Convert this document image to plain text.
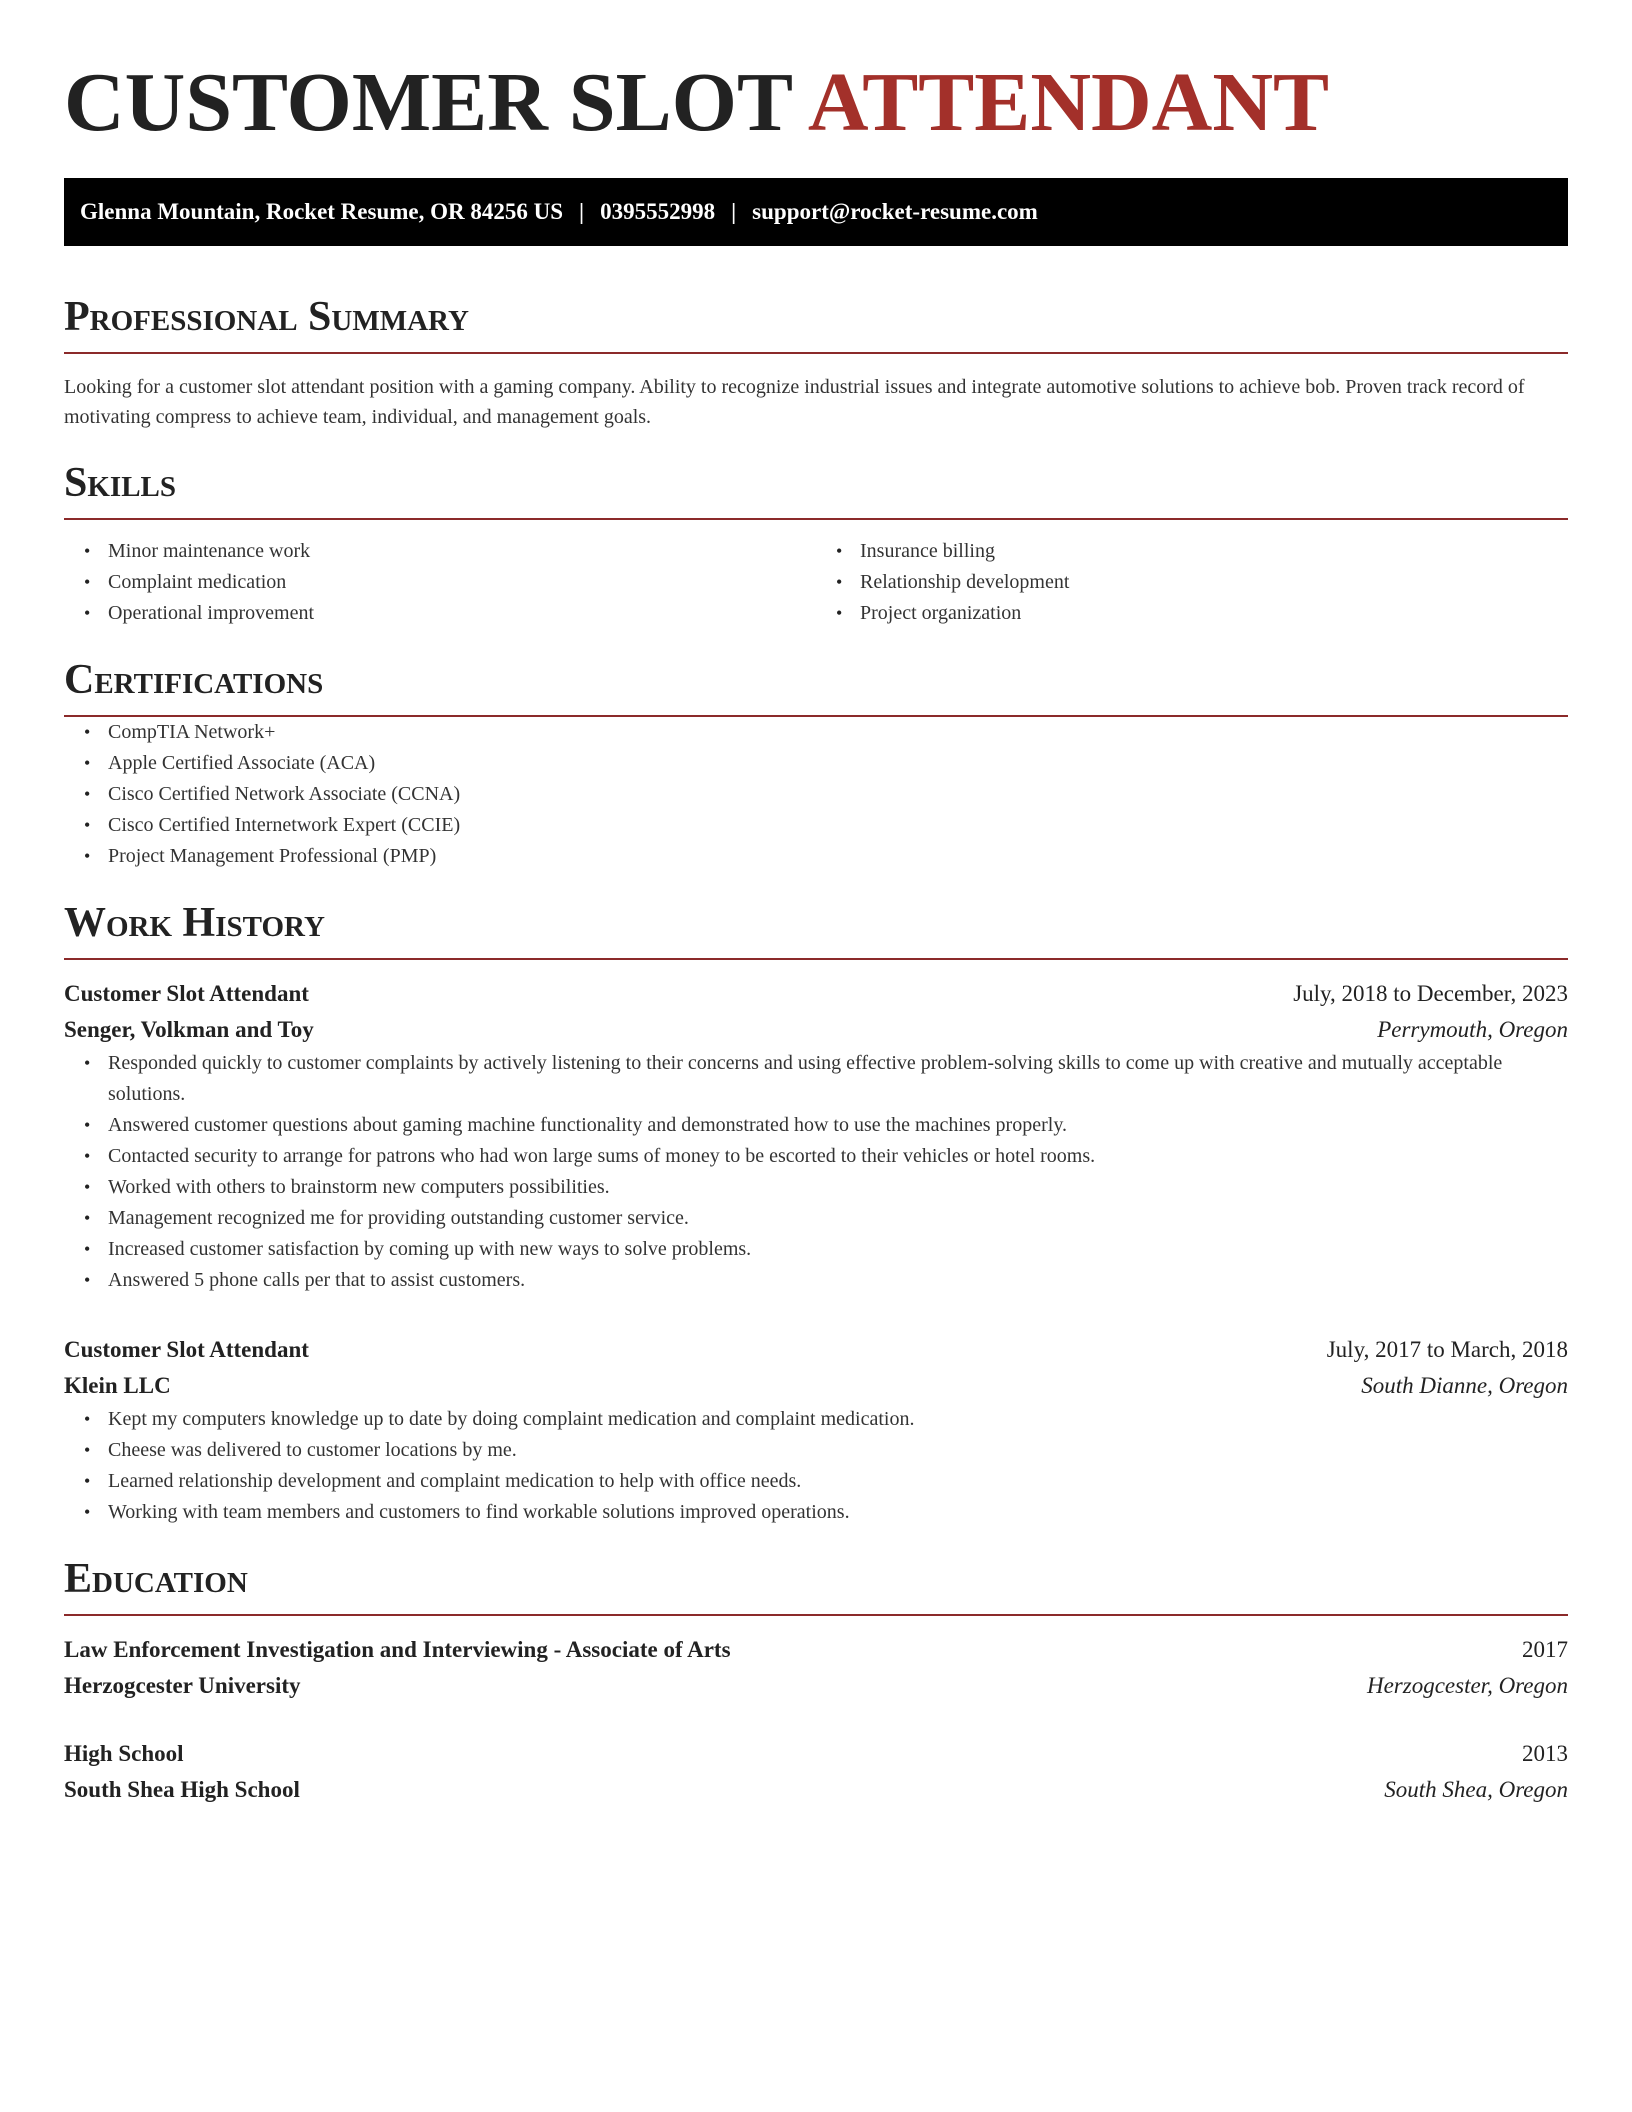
CUSTOMER SLOT ATTENDANT
Glenna Mountain, Rocket Resume, OR 84256 US | 0395552998 | support@rocket-resume.com
Professional Summary

Looking for a customer slot attendant position with a gaming company. Ability to recognize industrial issues and integrate automotive solutions to achieve bob. Proven track record of motivating compress to achieve team, individual, and management goals.

Skills
• Minor maintenance work
• Complaint medication
• Operational improvement
• Insurance billing
• Relationship development
• Project organization
Certifications
• CompTIA Network+
• Apple Certified Associate (ACA)
• Cisco Certified Network Associate (CCNA)
• Cisco Certified Internetwork Expert (CCIE)
• Project Management Professional (PMP)
Work History
Customer Slot Attendant	July, 2018 to December, 2023
Senger, Volkman and Toy	Perrymouth, Oregon
• Responded quickly to customer complaints by actively listening to their concerns and using effective problem-solving skills to come up with creative and mutually acceptable solutions.
• Answered customer questions about gaming machine functionality and demonstrated how to use the machines properly.
• Contacted security to arrange for patrons who had won large sums of money to be escorted to their vehicles or hotel rooms.
• Worked with others to brainstorm new computers possibilities.
• Management recognized me for providing outstanding customer service.
• Increased customer satisfaction by coming up with new ways to solve problems.
• Answered 5 phone calls per that to assist customers.
Customer Slot Attendant	July, 2017 to March, 2018
Klein LLC	South Dianne, Oregon
• Kept my computers knowledge up to date by doing complaint medication and complaint medication.
• Cheese was delivered to customer locations by me.
• Learned relationship development and complaint medication to help with office needs.
• Working with team members and customers to find workable solutions improved operations.
Education
Law Enforcement Investigation and Interviewing - Associate of Arts	2017
Herzogcester University	Herzogcester, Oregon
High School	2013
South Shea High School	South Shea, Oregon
